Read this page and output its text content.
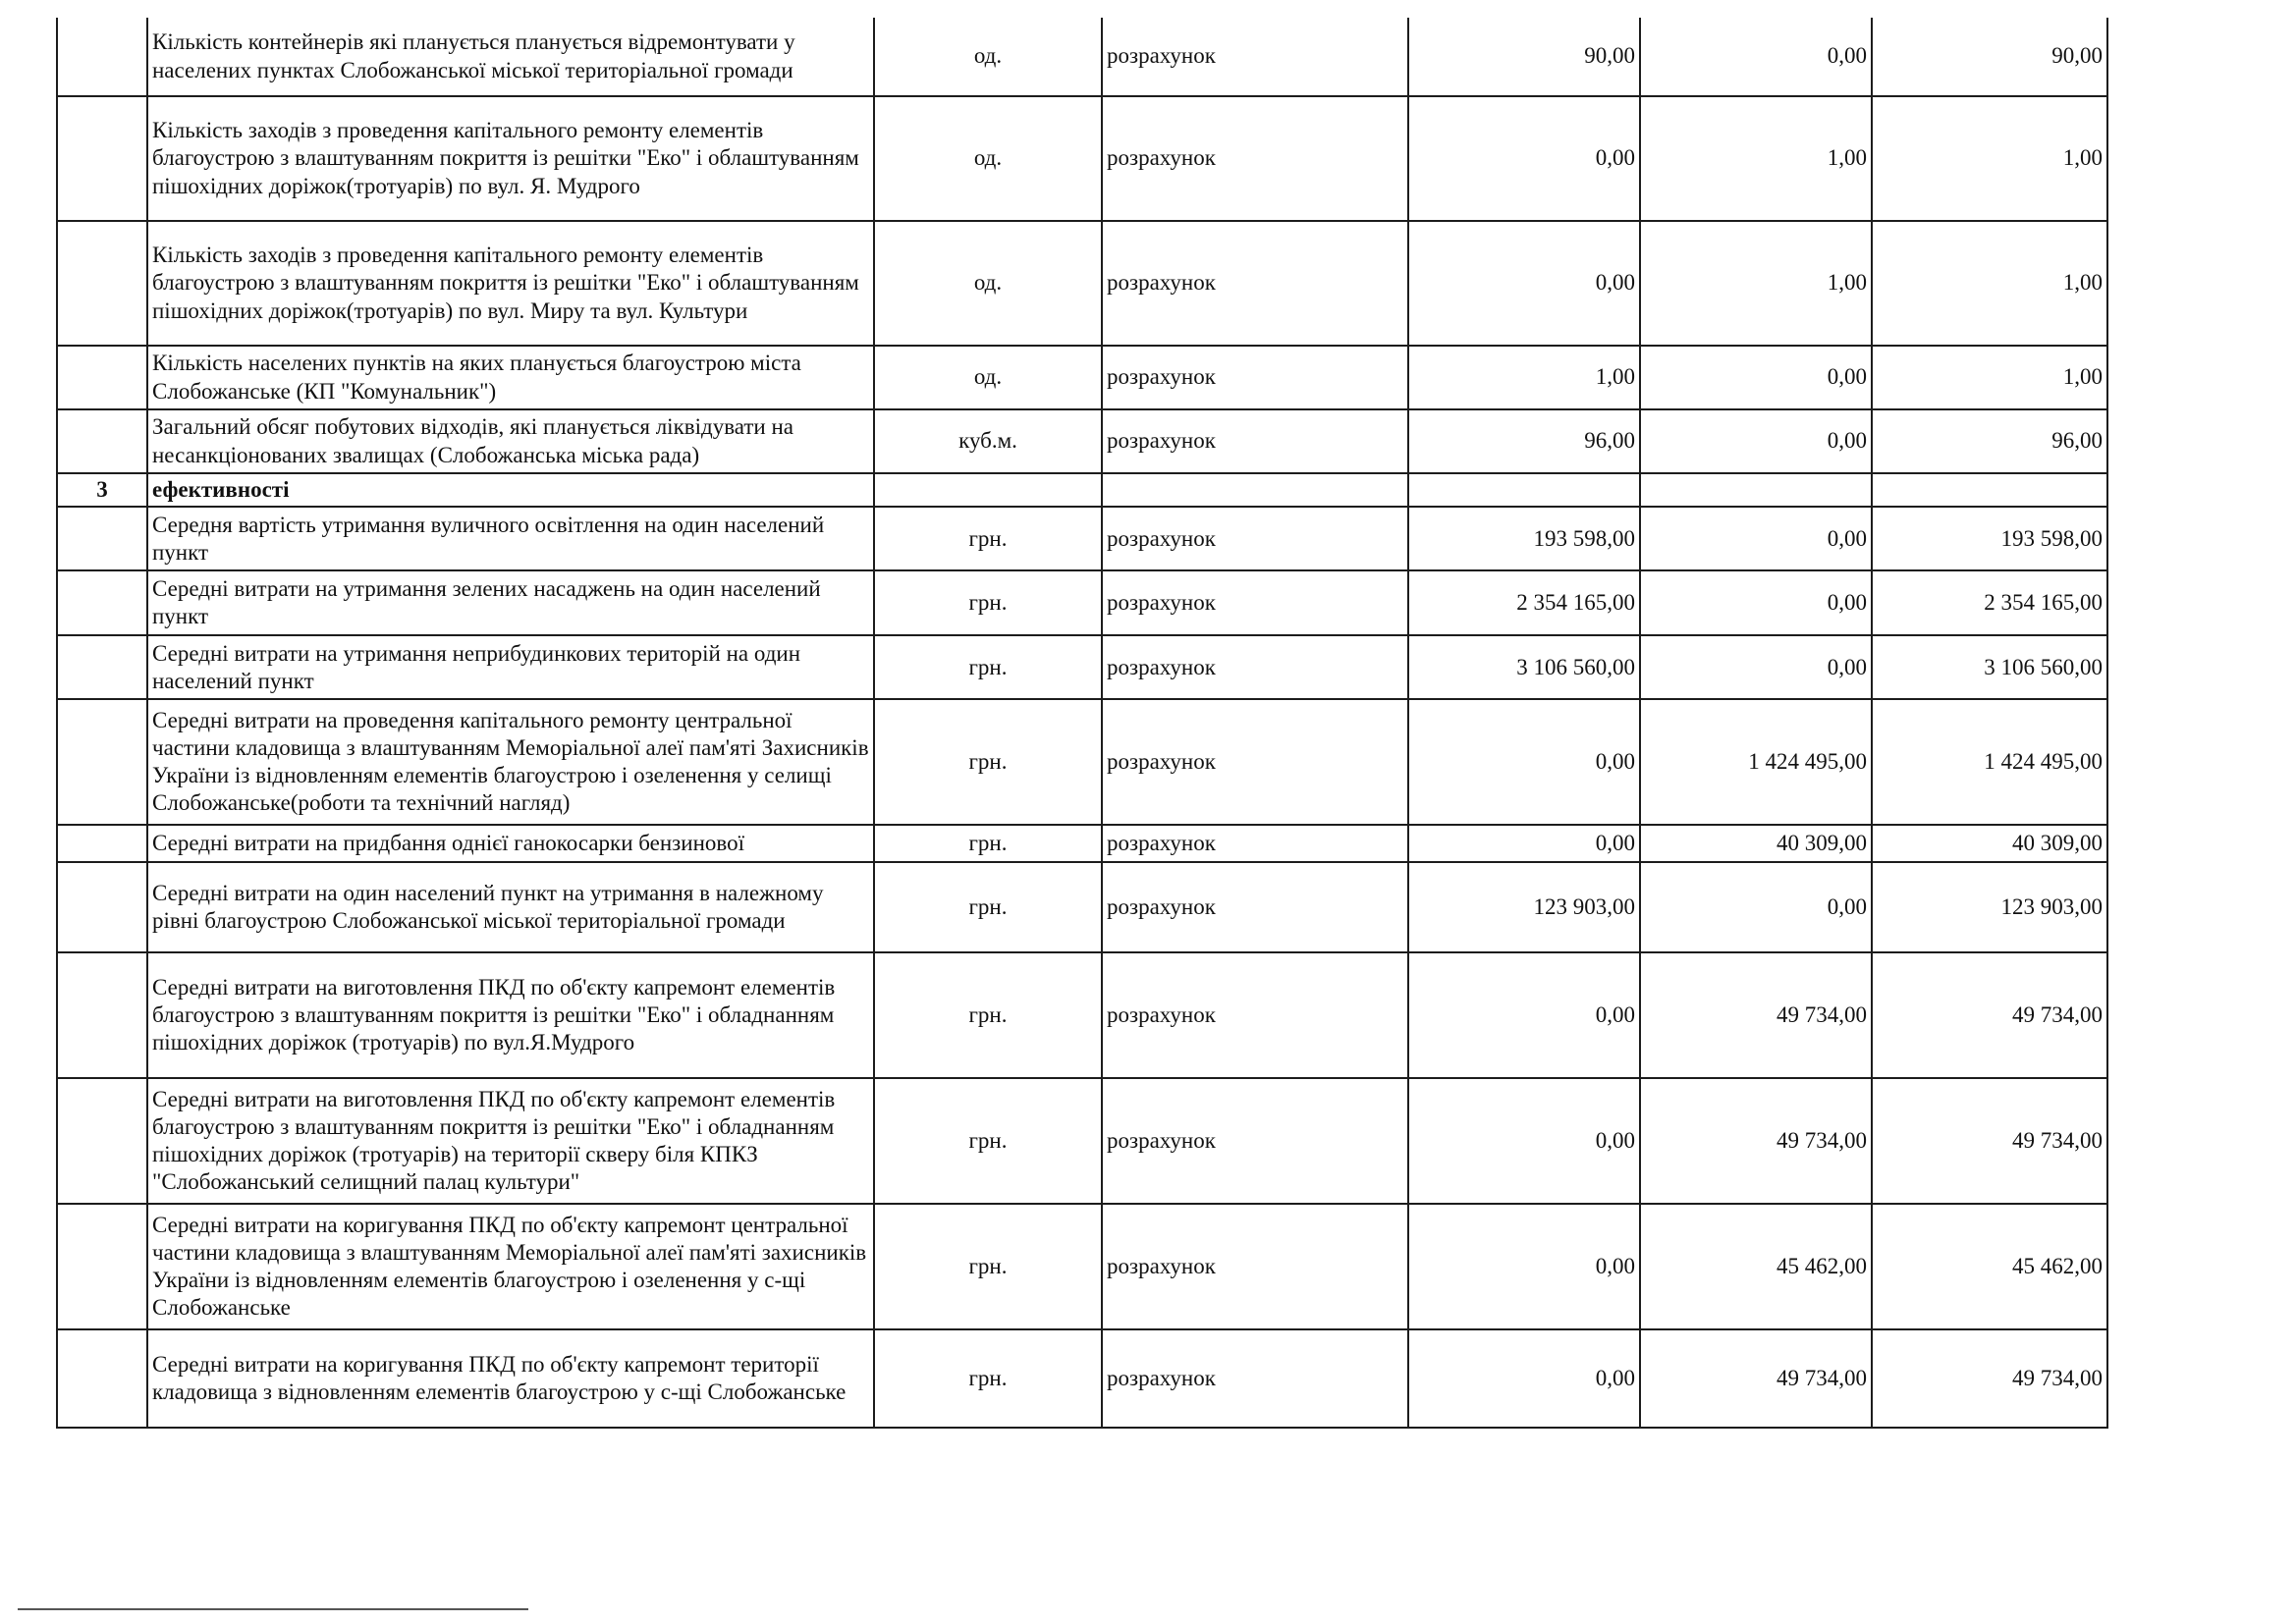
	Кількість контейнерів які планується планується відремонтувати у населених пунктах Слобожанської міської територіальної громади	од.	розрахунок	90,00	0,00	90,00
	Кількість заходів з проведення капітального ремонту елементів благоустрою з влаштуванням покриття із решітки "Еко" і облаштуванням пішохідних доріжок(тротуарів) по вул. Я. Мудрого	од.	розрахунок	0,00	1,00	1,00
	Кількість заходів з проведення капітального ремонту елементів благоустрою з влаштуванням покриття із решітки "Еко" і облаштуванням пішохідних доріжок(тротуарів) по вул. Миру та вул. Культури	од.	розрахунок	0,00	1,00	1,00
	Кількість населених пунктів на яких планується благоустрою міста Слобожанське (КП "Комунальник")	од.	розрахунок	1,00	0,00	1,00
	Загальний обсяг побутових відходів, які планується ліквідувати на несанкціонованих звалищах (Слобожанська міська рада)	куб.м.	розрахунок	96,00	0,00	96,00
3	ефективності					
	Середня вартість утримання вуличного освітлення на один населений пункт	грн.	розрахунок	193 598,00	0,00	193 598,00
	Середні витрати на утримання зелених насаджень на один населений пункт	грн.	розрахунок	2 354 165,00	0,00	2 354 165,00
	Середні витрати на утримання неприбудинкових територій на один населений пункт	грн.	розрахунок	3 106 560,00	0,00	3 106 560,00
	Середні витрати на проведення капітального ремонту центральної частини кладовища з влаштуванням Меморіальної алеї пам'яті Захисників України із відновленням елементів благоустрою і озеленення у селищі Слобожанське(роботи та технічний нагляд)	грн.	розрахунок	0,00	1 424 495,00	1 424 495,00
	Середні витрати на придбання однієї ганокосарки бензинової	грн.	розрахунок	0,00	40 309,00	40 309,00
	Середні витрати на один населений пункт на утримання в належному рівні благоустрою Слобожанської міської територіальної громади	грн.	розрахунок	123 903,00	0,00	123 903,00
	Середні витрати на виготовлення ПКД по об'єкту капремонт елементів благоустрою з влаштуванням покриття із решітки "Еко" і обладнанням пішохідних доріжок (тротуарів) по вул.Я.Мудрого	грн.	розрахунок	0,00	49 734,00	49 734,00
	Середні витрати на виготовлення ПКД по об'єкту капремонт елементів благоустрою з влаштуванням покриття із решітки "Еко" і обладнанням пішохідних доріжок (тротуарів) на території скверу біля КПКЗ "Слобожанський селищний палац культури"	грн.	розрахунок	0,00	49 734,00	49 734,00
	Середні витрати на коригування ПКД по об'єкту капремонт центральної частини кладовища з влаштуванням Меморіальної алеї пам'яті захисників України із відновленням елементів благоустрою і озеленення у с-щі Слобожанське	грн.	розрахунок	0,00	45 462,00	45 462,00
	Середні витрати на коригування ПКД по об'єкту капремонт території кладовища з відновленням елементів благоустрою у с-щі Слобожанське	грн.	розрахунок	0,00	49 734,00	49 734,00
